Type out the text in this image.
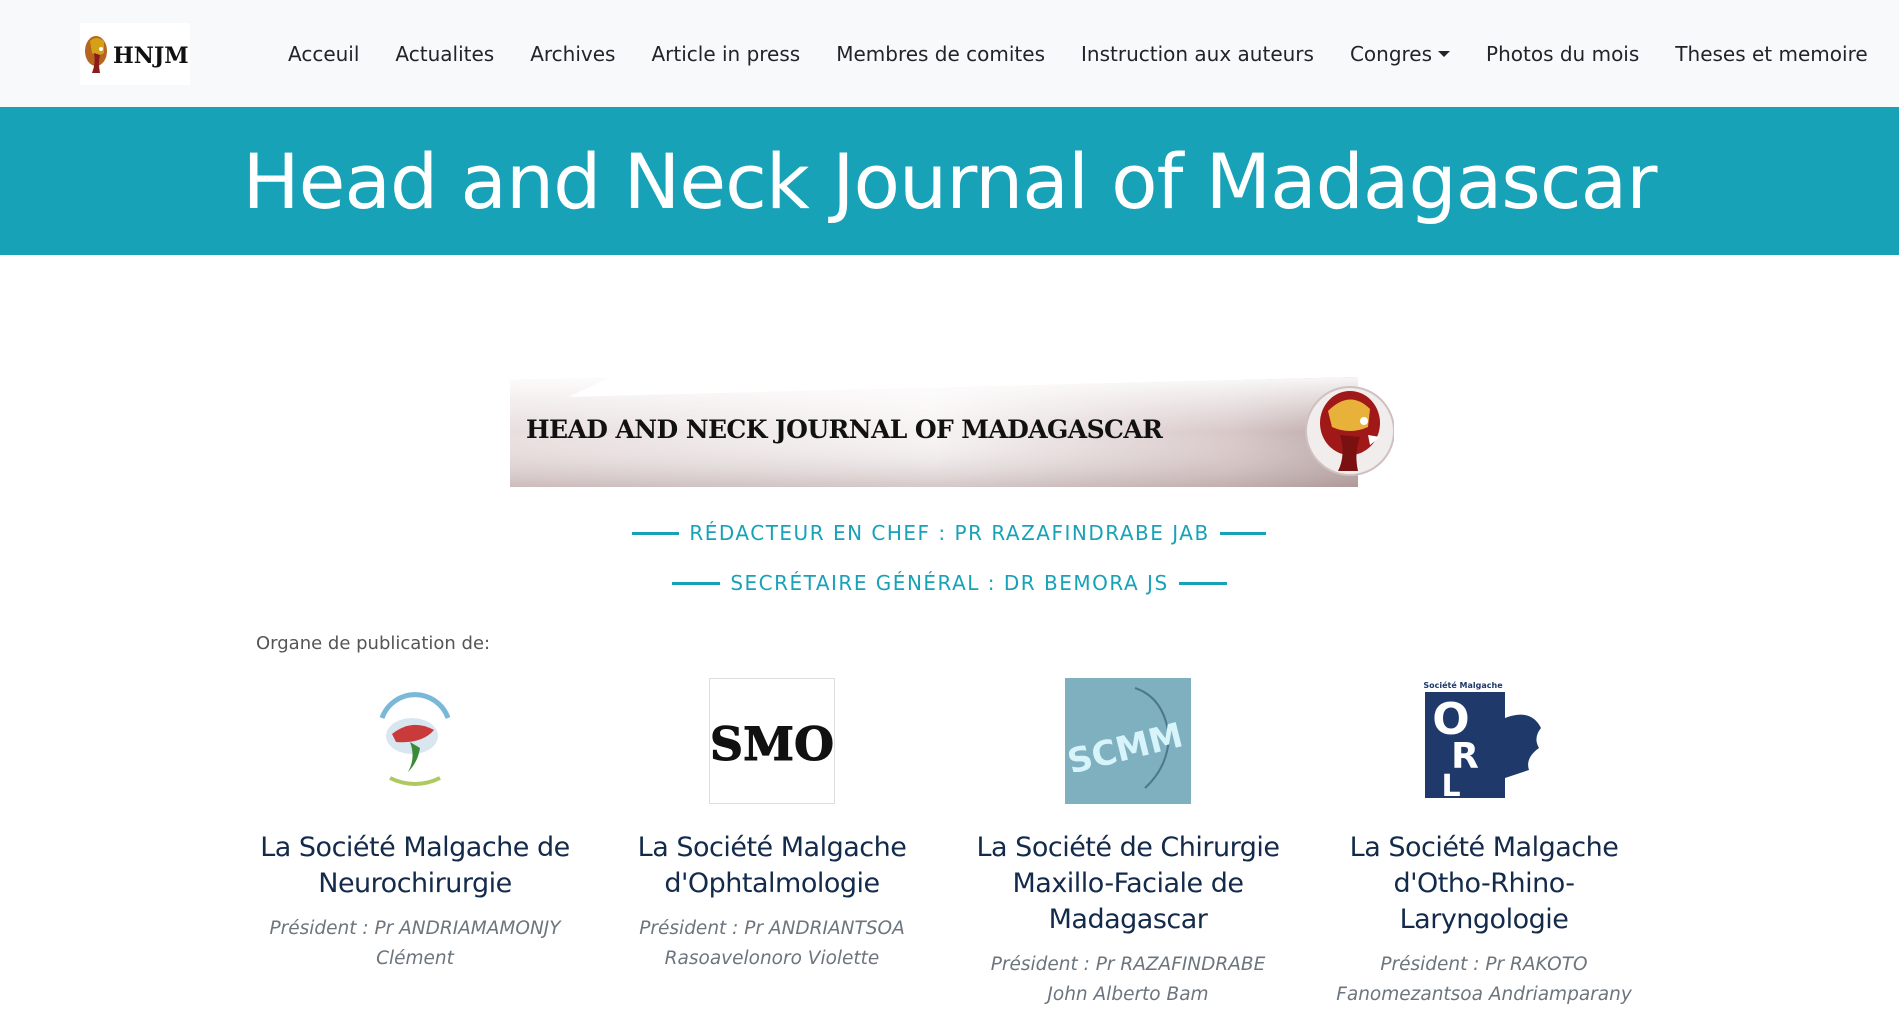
HNJM	Acceuil	Actualites	Archives	Article in press	Membres de comites	Instruction aux auteurs	Congres	Photos du mois	Theses et memoire
Head and Neck Journal of Madagascar
HEAD AND NECK JOURNAL OF MADAGASCAR
RÉDACTEUR EN CHEF : PR RAZAFINDRABE JAB
SECRÉTAIRE GÉNÉRAL : DR BEMORA JS
Organe de publication de:
La Société Malgache de Neurochirurgie
Président : Pr ANDRIAMAMONJY Clément
SMO
La Société Malgache d'Ophtalmologie
Président : Pr ANDRIANTSOA Rasoavelonoro Violette
SCMM
La Société de Chirurgie Maxillo-Faciale de Madagascar
Président : Pr RAZAFINDRABE John Alberto Bam
Société Malgache
O
R
L
La Société Malgache d'Otho-Rhino-Laryngologie
Président : Pr RAKOTO Fanomezantsoa Andriamparany
